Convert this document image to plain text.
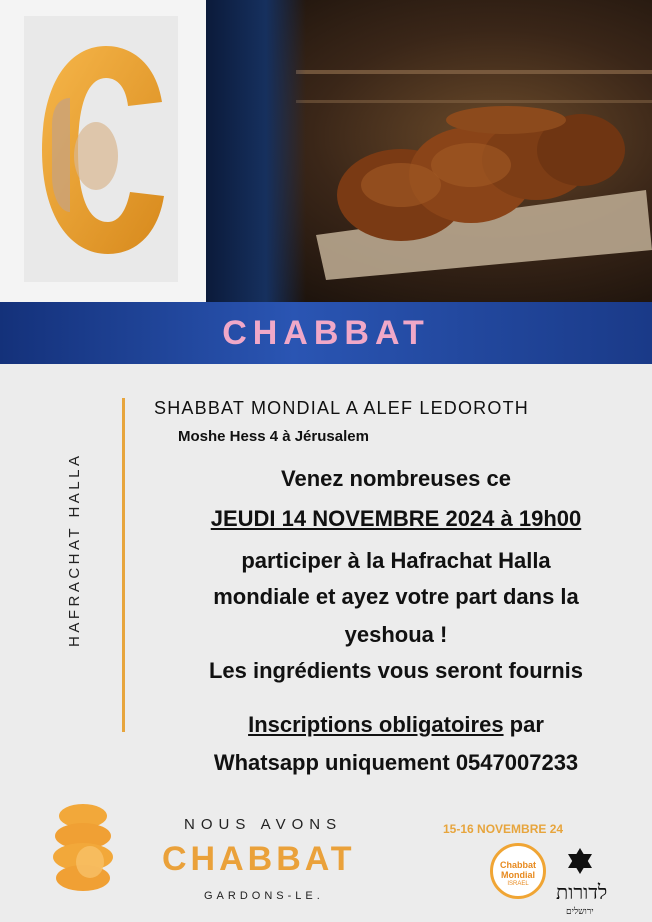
CHABBAT
HAFRACHAT HALLA
SHABBAT MONDIAL A ALEF LEDOROTH
Moshe Hess 4 à Jérusalem
Venez nombreuses ce
JEUDI 14 NOVEMBRE 2024 à 19h00
participer à la Hafrachat Halla
mondiale et ayez votre part dans la
yeshoua !
Les ingrédients vous seront fournis
Inscriptions obligatoires par
Whatsapp uniquement 0547007233
NOUS AVONS
CHABBAT
GARDONS-LE.
15-16 NOVEMBRE 24
Chabbat
Mondial
ISRAEL	לדורות
ירושלים
